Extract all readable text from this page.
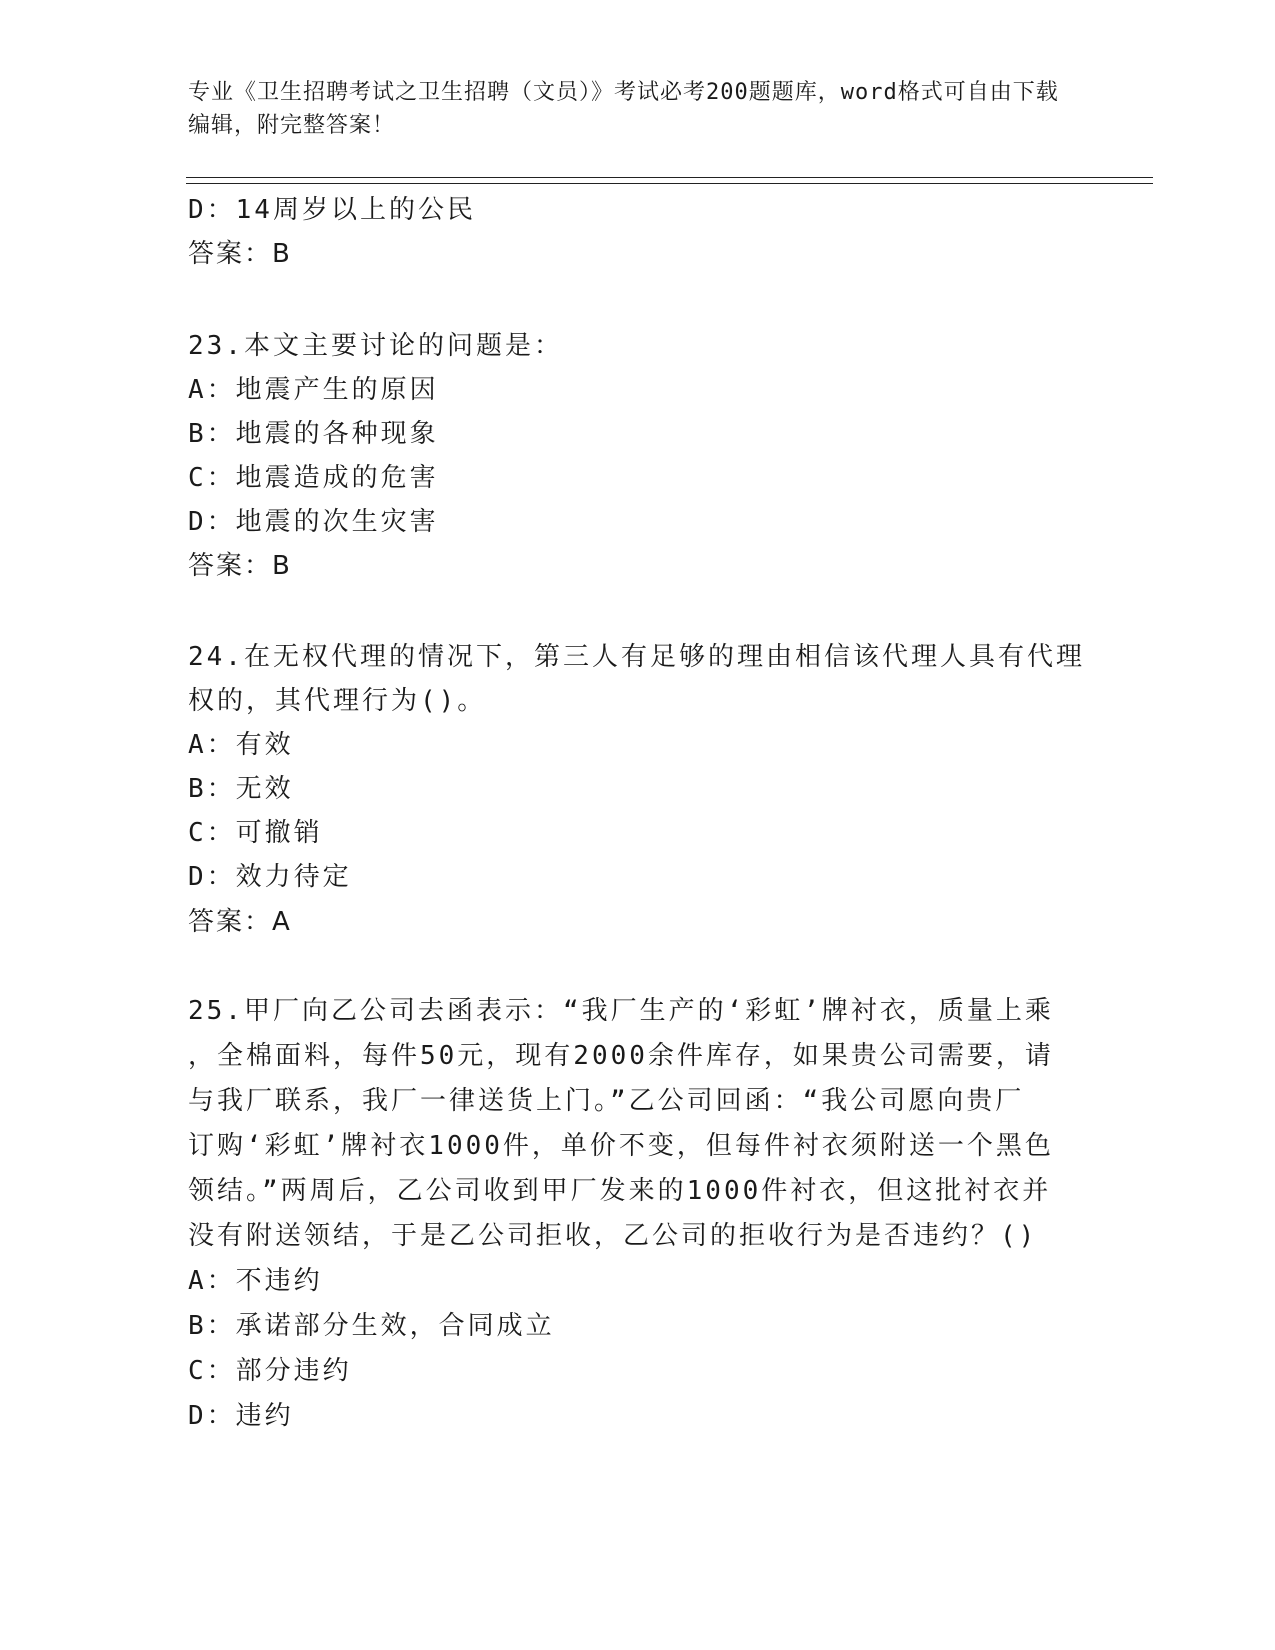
专业《卫生招聘考试之卫生招聘（文员）》考试必考200题题库，word格式可自由下载编辑，附完整答案！

D：14周岁以上的公民
答案：B
23.本文主要讨论的问题是：
A：地震产生的原因
B：地震的各种现象
C：地震造成的危害
D：地震的次生灾害
答案：B
24.在无权代理的情况下，第三人有足够的理由相信该代理人具有代理
权的，其代理行为()。
A：有效
B：无效
C：可撤销
D：效力待定
答案：A
25.甲厂向乙公司去函表示：“我厂生产的‘彩虹’牌衬衣，质量上乘
，全棉面料，每件50元，现有2000余件库存，如果贵公司需要，请
与我厂联系，我厂一律送货上门。”乙公司回函：“我公司愿向贵厂
订购‘彩虹’牌衬衣1000件，单价不变，但每件衬衣须附送一个黑色
领结。”两周后，乙公司收到甲厂发来的1000件衬衣，但这批衬衣并
没有附送领结，于是乙公司拒收，乙公司的拒收行为是否违约？()
A：不违约
B：承诺部分生效，合同成立
C：部分违约
D：违约
